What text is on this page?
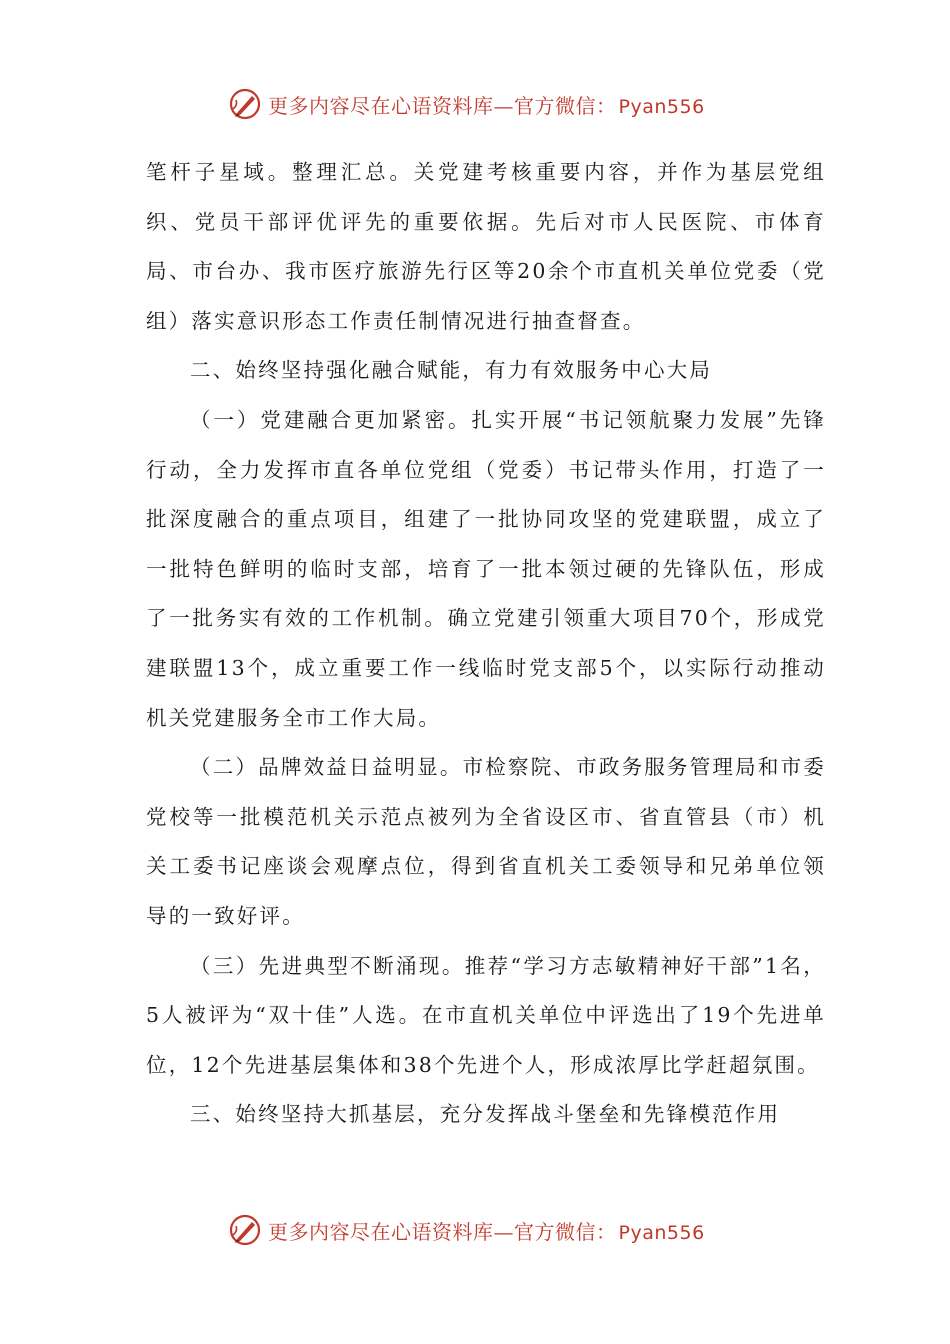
更多内容尽在心语资料库—官方微信： Pyan556

笔杆子星域。整理汇总。关党建考核重要内容，并作为基层党组织、党员干部评优评先的重要依据。先后对市人民医院、市体育局、市台办、我市医疗旅游先行区等20余个市直机关单位党委（党组）落实意识形态工作责任制情况进行抽查督查。

二、始终坚持强化融合赋能，有力有效服务中心大局

（一）党建融合更加紧密。扎实开展“书记领航聚力发展”先锋行动，全力发挥市直各单位党组（党委）书记带头作用，打造了一批深度融合的重点项目，组建了一批协同攻坚的党建联盟，成立了一批特色鲜明的临时支部，培育了一批本领过硬的先锋队伍，形成了一批务实有效的工作机制。确立党建引领重大项目70个，形成党建联盟13个，成立重要工作一线临时党支部5个，以实际行动推动机关党建服务全市工作大局。

（二）品牌效益日益明显。市检察院、市政务服务管理局和市委党校等一批模范机关示范点被列为全省设区市、省直管县（市）机关工委书记座谈会观摩点位，得到省直机关工委领导和兄弟单位领导的一致好评。

（三）先进典型不断涌现。推荐“学习方志敏精神好干部”1名，5人被评为“双十佳”人选。在市直机关单位中评选出了19个先进单位，12个先进基层集体和38个先进个人，形成浓厚比学赶超氛围。

三、始终坚持大抓基层，充分发挥战斗堡垒和先锋模范作用

更多内容尽在心语资料库—官方微信： Pyan556
